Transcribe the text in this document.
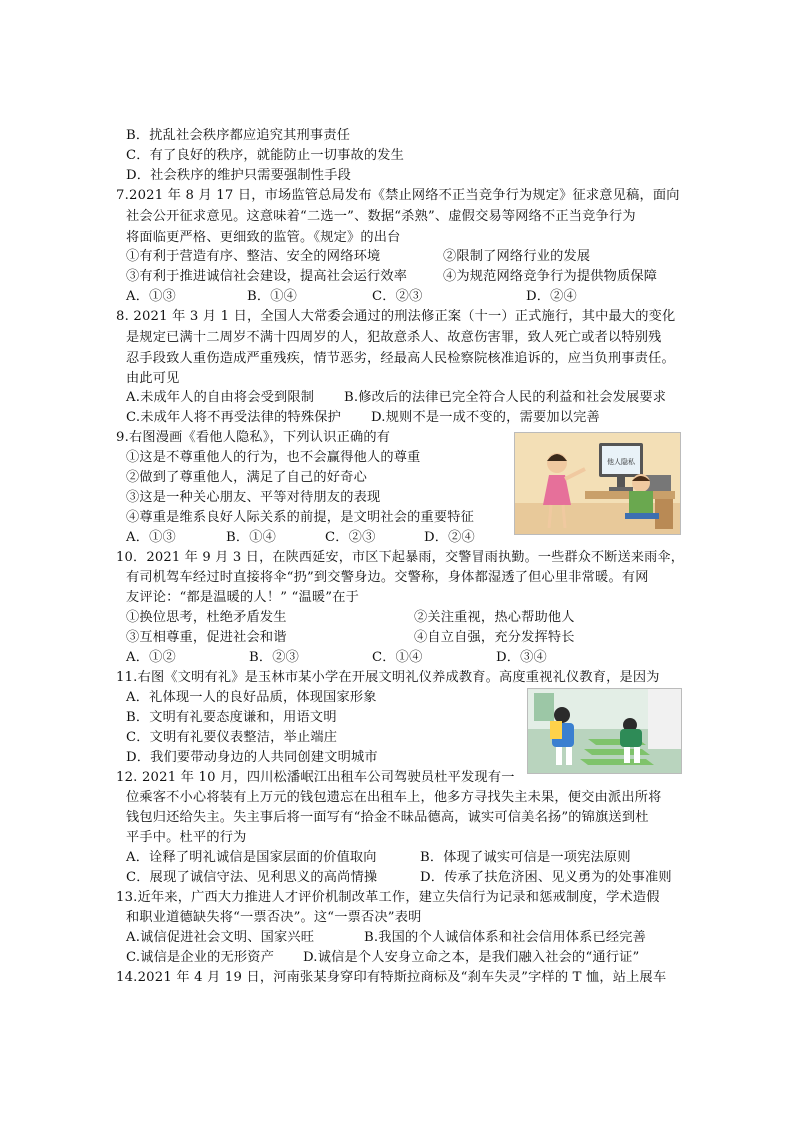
B．扰乱社会秩序都应追究其刑事责任
C．有了良好的秩序，就能防止一切事故的发生
D．社会秩序的维护只需要强制性手段
7.2021 年 8 月 17 日，市场监管总局发布《禁止网络不正当竞争行为规定》征求意见稿，面向
社会公开征求意见。这意味着“二选一”、数据“杀熟”、虚假交易等网络不正当竞争行为
将面临更严格、更细致的监管。《规定》的出台
①有利于营造有序、整洁、安全的网络环境	②限制了网络行业的发展
③有利于推进诚信社会建设，提高社会运行效率	④为规范网络竞争行为提供物质保障
A．①③	B．①④	C．②③	D．②④
8. 2021 年 3 月 1 日，全国人大常委会通过的刑法修正案（十一）正式施行，其中最大的变化
是规定已满十二周岁不满十四周岁的人，犯故意杀人、故意伤害罪，致人死亡或者以特别残
忍手段致人重伤造成严重残疾，情节恶劣，经最高人民检察院核准追诉的，应当负刑事责任。
由此可见
A.未成年人的自由将会受到限制 B.修改后的法律已完全符合人民的利益和社会发展要求
C.未成年人将不再受法律的特殊保护 D.规则不是一成不变的，需要加以完善
9.右图漫画《看他人隐私》，下列认识正确的有
①这是不尊重他人的行为，也不会赢得他人的尊重
②做到了尊重他人，满足了自己的好奇心
③这是一种关心朋友、平等对待朋友的表现
④尊重是维系良好人际关系的前提，是文明社会的重要特征
A．①③	B．①④	C．②③	D．②④
他人隐私
10．2021 年 9 月 3 日，在陕西延安，市区下起暴雨，交警冒雨执勤。一些群众不断送来雨伞，
有司机驾车经过时直接将伞“扔”到交警身边。交警称，身体都湿透了但心里非常暖。有网
友评论：“都是温暖的人！” “温暖”在于
①换位思考，杜绝矛盾发生	②关注重视，热心帮助他人
③互相尊重，促进社会和谐	④自立自强，充分发挥特长
A．①②	B．②③	C．①④	D．③④
11.右图《文明有礼》是玉林市某小学在开展文明礼仪养成教育。高度重视礼仪教育，是因为
A．礼体现一人的良好品质，体现国家形象
B．文明有礼要态度谦和，用语文明
C．文明有礼要仪表整洁，举止端庄
D．我们要带动身边的人共同创建文明城市
12. 2021 年 10 月，四川松潘岷江出租车公司驾驶员杜平发现有一
位乘客不小心将装有上万元的钱包遗忘在出租车上，他多方寻找失主未果，便交由派出所将
钱包归还给失主。失主事后将一面写有“拾金不昧品德高，诚实可信美名扬”的锦旗送到杜
平手中。杜平的行为
A．诠释了明礼诚信是国家层面的价值取向	B．体现了诚实可信是一项宪法原则
C．展现了诚信守法、见利思义的高尚情操	D．传承了扶危济困、见义勇为的处事准则
13.近年来，广西大力推进人才评价机制改革工作，建立失信行为记录和惩戒制度，学术造假
和职业道德缺失将“一票否决”。这“一票否决”表明
A.诚信促进社会文明、国家兴旺	B.我国的个人诚信体系和社会信用体系已经完善
C.诚信是企业的无形资产 D.诚信是个人安身立命之本，是我们融入社会的“通行证”
14.2021 年 4 月 19 日，河南张某身穿印有特斯拉商标及“刹车失灵”字样的 T 恤，站上展车
